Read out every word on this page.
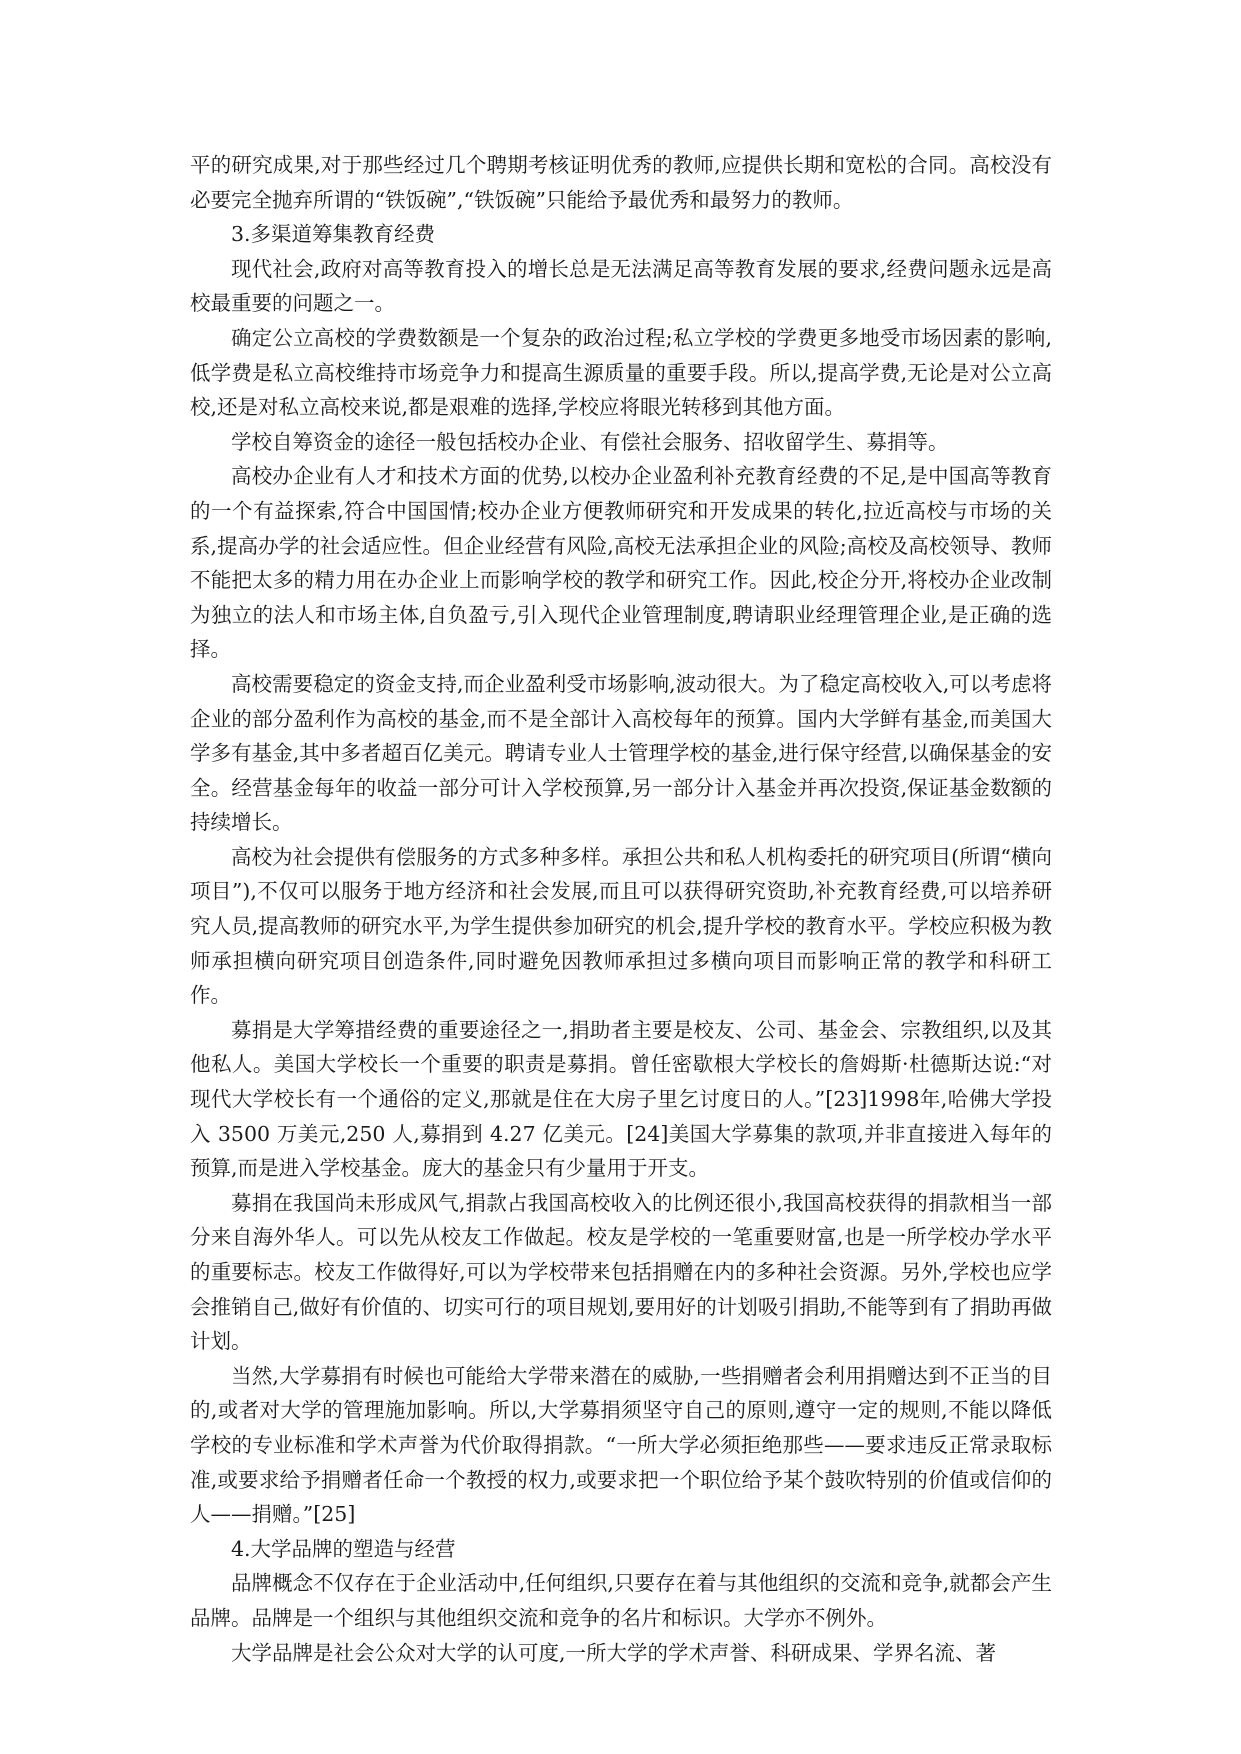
平的研究成果,对于那些经过几个聘期考核证明优秀的教师,应提供长期和宽松的合同。高校没有必要完全抛弃所谓的“铁饭碗”,“铁饭碗”只能给予最优秀和最努力的教师。

3.多渠道筹集教育经费

现代社会,政府对高等教育投入的增长总是无法满足高等教育发展的要求,经费问题永远是高校最重要的问题之一。

确定公立高校的学费数额是一个复杂的政治过程;私立学校的学费更多地受市场因素的影响,低学费是私立高校维持市场竞争力和提高生源质量的重要手段。所以,提高学费,无论是对公立高校,还是对私立高校来说,都是艰难的选择,学校应将眼光转移到其他方面。

学校自筹资金的途径一般包括校办企业、有偿社会服务、招收留学生、募捐等。

高校办企业有人才和技术方面的优势,以校办企业盈利补充教育经费的不足,是中国高等教育的一个有益探索,符合中国国情;校办企业方便教师研究和开发成果的转化,拉近高校与市场的关系,提高办学的社会适应性。但企业经营有风险,高校无法承担企业的风险;高校及高校领导、教师不能把太多的精力用在办企业上而影响学校的教学和研究工作。因此,校企分开,将校办企业改制为独立的法人和市场主体,自负盈亏,引入现代企业管理制度,聘请职业经理管理企业,是正确的选择。

高校需要稳定的资金支持,而企业盈利受市场影响,波动很大。为了稳定高校收入,可以考虑将企业的部分盈利作为高校的基金,而不是全部计入高校每年的预算。国内大学鲜有基金,而美国大学多有基金,其中多者超百亿美元。聘请专业人士管理学校的基金,进行保守经营,以确保基金的安全。经营基金每年的收益一部分可计入学校预算,另一部分计入基金并再次投资,保证基金数额的持续增长。

高校为社会提供有偿服务的方式多种多样。承担公共和私人机构委托的研究项目(所谓“横向项目”),不仅可以服务于地方经济和社会发展,而且可以获得研究资助,补充教育经费,可以培养研究人员,提高教师的研究水平,为学生提供参加研究的机会,提升学校的教育水平。学校应积极为教师承担横向研究项目创造条件,同时避免因教师承担过多横向项目而影响正常的教学和科研工作。

募捐是大学筹措经费的重要途径之一,捐助者主要是校友、公司、基金会、宗教组织,以及其他私人。美国大学校长一个重要的职责是募捐。曾任密歇根大学校长的詹姆斯·杜德斯达说:“对现代大学校长有一个通俗的定义,那就是住在大房子里乞讨度日的人。”[23]1998年,哈佛大学投入 3500 万美元,250 人,募捐到 4.27 亿美元。[24]美国大学募集的款项,并非直接进入每年的预算,而是进入学校基金。庞大的基金只有少量用于开支。

募捐在我国尚未形成风气,捐款占我国高校收入的比例还很小,我国高校获得的捐款相当一部分来自海外华人。可以先从校友工作做起。校友是学校的一笔重要财富,也是一所学校办学水平的重要标志。校友工作做得好,可以为学校带来包括捐赠在内的多种社会资源。另外,学校也应学会推销自己,做好有价值的、切实可行的项目规划,要用好的计划吸引捐助,不能等到有了捐助再做计划。

当然,大学募捐有时候也可能给大学带来潜在的威胁,一些捐赠者会利用捐赠达到不正当的目的,或者对大学的管理施加影响。所以,大学募捐须坚守自己的原则,遵守一定的规则,不能以降低学校的专业标准和学术声誉为代价取得捐款。“一所大学必须拒绝那些——要求违反正常录取标准,或要求给予捐赠者任命一个教授的权力,或要求把一个职位给予某个鼓吹特别的价值或信仰的人——捐赠。”[25]

4.大学品牌的塑造与经营

品牌概念不仅存在于企业活动中,任何组织,只要存在着与其他组织的交流和竞争,就都会产生品牌。品牌是一个组织与其他组织交流和竞争的名片和标识。大学亦不例外。

大学品牌是社会公众对大学的认可度,一所大学的学术声誉、科研成果、学界名流、著
